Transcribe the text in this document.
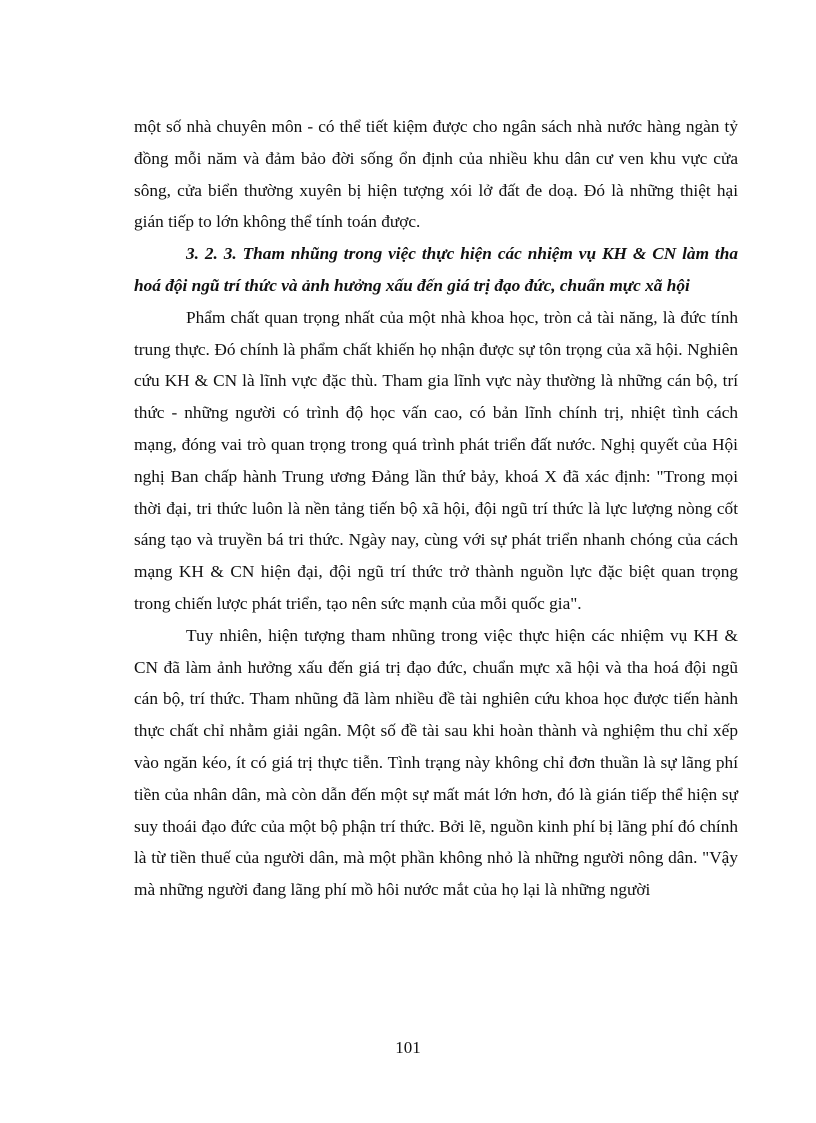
một số nhà chuyên môn - có thể tiết kiệm được cho ngân sách nhà nước hàng ngàn tỷ đồng mỗi năm và đảm bảo đời sống ổn định của nhiều khu dân cư ven khu vực cửa sông, cửa biển thường xuyên bị hiện tượng xói lở đất đe doạ. Đó là những thiệt hại gián tiếp to lớn không thể tính toán được.

3. 2. 3. Tham nhũng trong việc thực hiện các nhiệm vụ KH & CN làm tha hoá đội ngũ trí thức và ảnh hưởng xấu đến giá trị đạo đức, chuẩn mực xã hội

Phẩm chất quan trọng nhất của một nhà khoa học, tròn cả tài năng, là đức tính trung thực. Đó chính là phẩm chất khiến họ nhận được sự tôn trọng của xã hội. Nghiên cứu KH & CN là lĩnh vực đặc thù. Tham gia lĩnh vực này thường là những cán bộ, trí thức - những người có trình độ học vấn cao, có bản lĩnh chính trị, nhiệt tình cách mạng, đóng vai trò quan trọng trong quá trình phát triển đất nước. Nghị quyết của Hội nghị Ban chấp hành Trung ương Đảng lần thứ bảy, khoá X đã xác định: "Trong mọi thời đại, tri thức luôn là nền tảng tiến bộ xã hội, đội ngũ trí thức là lực lượng nòng cốt sáng tạo và truyền bá tri thức. Ngày nay, cùng với sự phát triển nhanh chóng của cách mạng KH & CN hiện đại, đội ngũ trí thức trở thành nguồn lực đặc biệt quan trọng trong chiến lược phát triển, tạo nên sức mạnh của mỗi quốc gia".

Tuy nhiên, hiện tượng tham nhũng trong việc thực hiện các nhiệm vụ KH & CN đã làm ảnh hưởng xấu đến giá trị đạo đức, chuẩn mực xã hội và tha hoá đội ngũ cán bộ, trí thức. Tham nhũng đã làm nhiều đề tài nghiên cứu khoa học được tiến hành thực chất chỉ nhằm giải ngân. Một số đề tài sau khi hoàn thành và nghiệm thu chỉ xếp vào ngăn kéo, ít có giá trị thực tiễn. Tình trạng này không chỉ đơn thuần là sự lãng phí tiền của nhân dân, mà còn dẫn đến một sự mất mát lớn hơn, đó là gián tiếp thể hiện sự suy thoái đạo đức của một bộ phận trí thức. Bởi lẽ, nguồn kinh phí bị lãng phí đó chính là từ tiền thuế của người dân, mà một phần không nhỏ là những người nông dân. "Vậy mà những người đang lãng phí mồ hôi nước mắt của họ lại là những người

101
